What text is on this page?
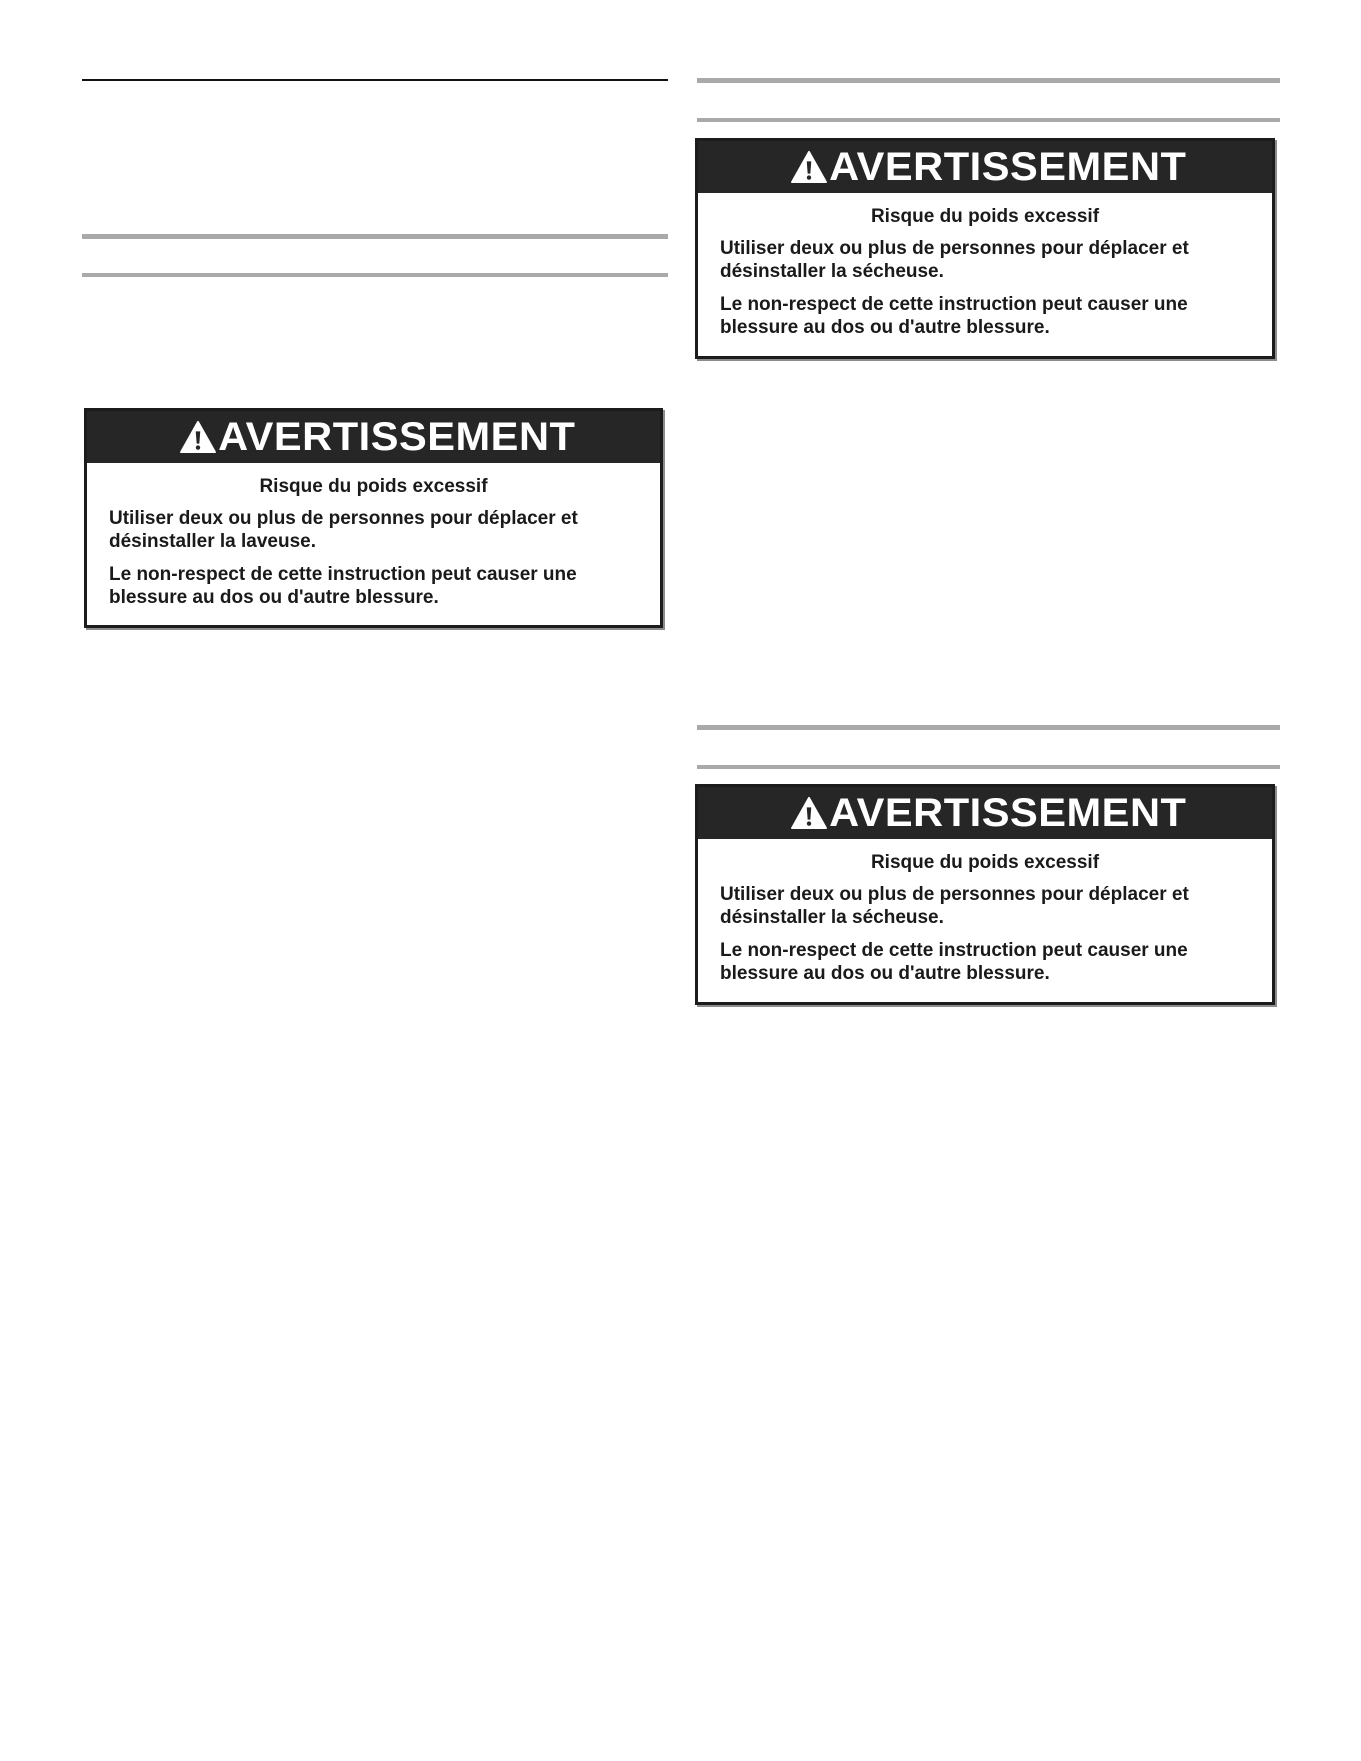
AVERTISSEMENT

Risque du poids excessif

Utiliser deux ou plus de personnes pour déplacer et désinstaller la laveuse.

Le non-respect de cette instruction peut causer une blessure au dos ou d'autre blessure.

AVERTISSEMENT

Risque du poids excessif

Utiliser deux ou plus de personnes pour déplacer et désinstaller la sécheuse.

Le non-respect de cette instruction peut causer une blessure au dos ou d'autre blessure.

AVERTISSEMENT

Risque du poids excessif

Utiliser deux ou plus de personnes pour déplacer et désinstaller la sécheuse.

Le non-respect de cette instruction peut causer une blessure au dos ou d'autre blessure.
